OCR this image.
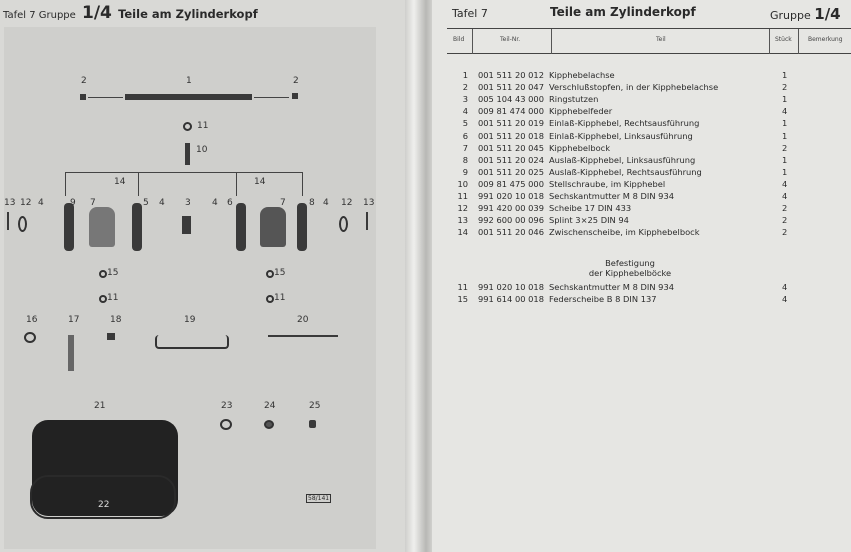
Tafel 7 Gruppe 1/4 Teile am Zylinderkopf
2	1	2
11
10
14	14
13 12 4	9 7	5 4 3 4 6	7	8 4 12 13
15	15
11	11
16	17	18	19	20
21
22
23	24	25
58/141
Tafel 7	Teile am Zylinderkopf	Gruppe 1/4
Bild	Teil-Nr.	Teil	Stück	Bemerkung
1 001 511 20 012 Kipphebelachse	1
2 001 511 20 047 Verschlußstopfen, in der Kipphebelachse	2
3 005 104 43 000 Ringstutzen	1
4 009 81 474 000 Kipphebelfeder	4
5 001 511 20 019 Einlaß-Kipphebel, Rechtsausführung	1
6 001 511 20 018 Einlaß-Kipphebel, Linksausführung	1
7 001 511 20 045 Kipphebelbock	2
8 001 511 20 024 Auslaß-Kipphebel, Linksausführung	1
9 001 511 20 025 Auslaß-Kipphebel, Rechtsausführung	1
10 009 81 475 000 Stellschraube, im Kipphebel	4
11 991 020 10 018 Sechskantmutter M 8 DIN 934	4
12 991 420 00 039 Scheibe 17 DIN 433	2
13 992 600 00 096 Splint 3×25 DIN 94	2
14 001 511 20 046 Zwischenscheibe, im Kipphebelbock	2
11 991 020 10 018 Sechskantmutter M 8 DIN 934	4
15 991 614 00 018 Federscheibe B 8 DIN 137	4
Befestigung
der Kipphebelböcke
